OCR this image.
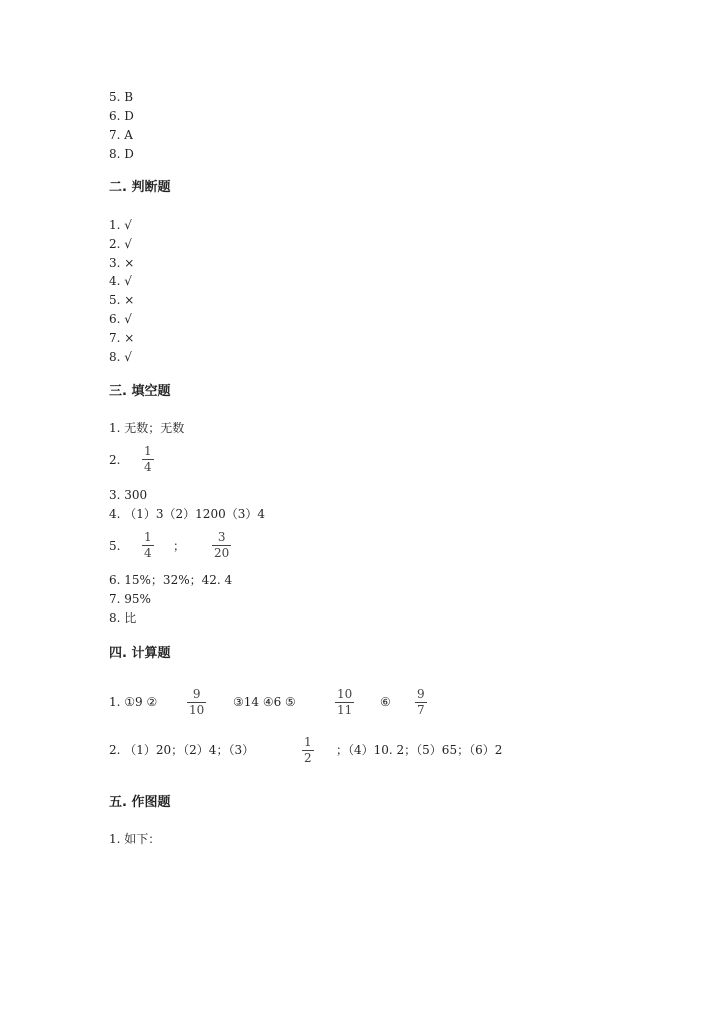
5. B
6. D
7. A
8. D
二. 判断题
1. √
2. √
3. ×
4. √
5. ×
6. √
7. ×
8. √
三. 填空题
1. 无数；无数
2.
1
4
3. 300
4. （1）3（2）1200（3）4
5.
1
4 ；
3
20
6. 15%；32%；42. 4
7. 95%
8. 比
四. 计算题
1. ①9 ②
9
10
③14 ④6 ⑤
10
11
⑥
9
7
2. （1）20；（2）4；（3）
1
2
；（4）10. 2；（5）65；（6）2
五. 作图题
1. 如下：
